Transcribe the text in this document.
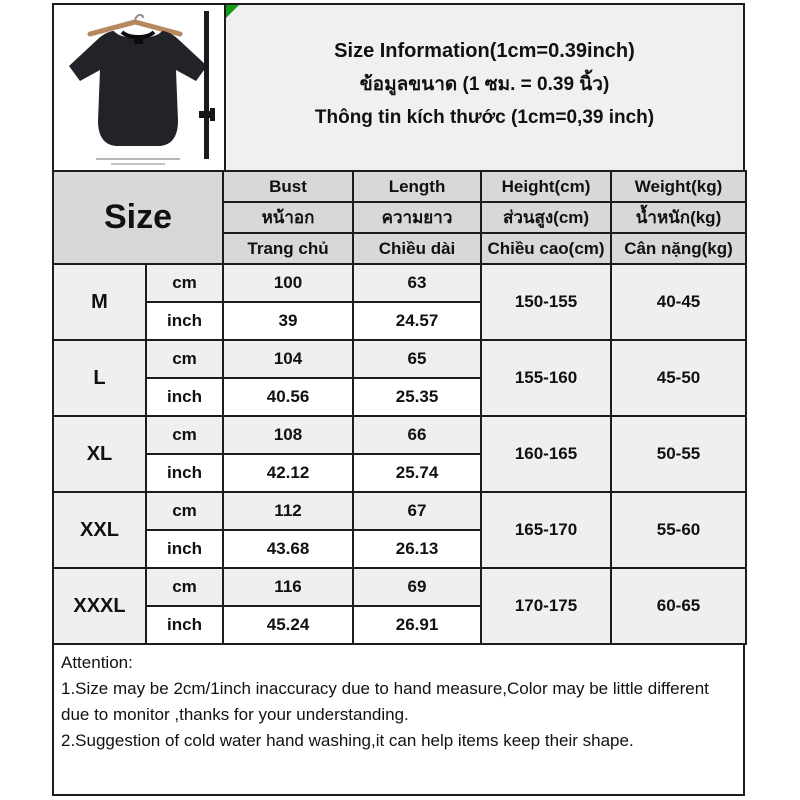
Size Information(1cm=0.39inch)
ข้อมูลขนาด (1 ซม. = 0.39 นิ้ว)
Thông tin kích thước (1cm=0,39 inch)
Size		Bust	Length	Height(cm)	Weight(kg)
		หน้าอก	ความยาว	ส่วนสูง(cm)	น้ำหนัก(kg)
		Trang chủ	Chiều dài	Chiều cao(cm)	Cân nặng(kg)
M	cm	100	63	150-155	40-45
	inch	39	24.57		
L	cm	104	65	155-160	45-50
	inch	40.56	25.35		
XL	cm	108	66	160-165	50-55
	inch	42.12	25.74		
XXL	cm	112	67	165-170	55-60
	inch	43.68	26.13		
XXXL	cm	116	69	170-175	60-65
	inch	45.24	26.91		
Attention:
1.Size may be 2cm/1inch inaccuracy due to hand measure,Color may be little different due to monitor ,thanks for your understanding.
2.Suggestion of cold water hand washing,it can help items keep their shape.
